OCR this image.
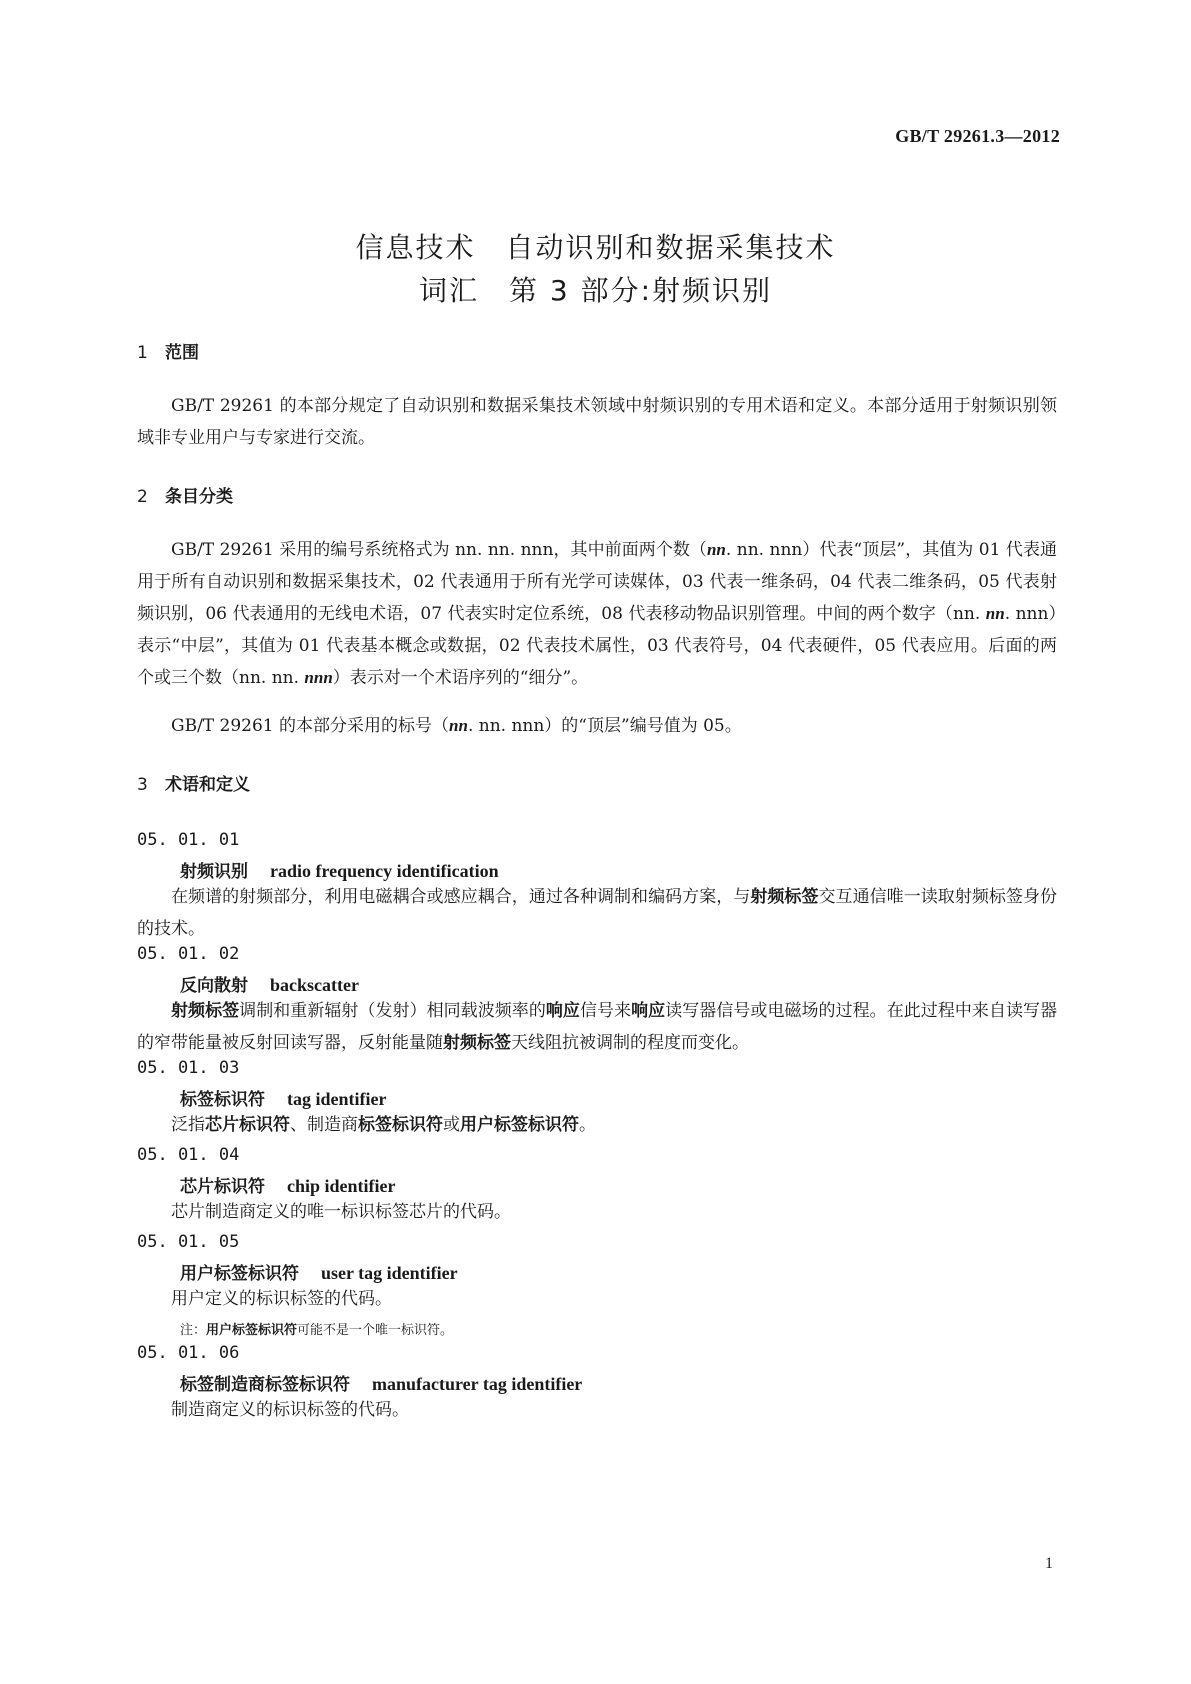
GB/T 29261.3—2012
信息技术　自动识别和数据采集技术
词汇　第 3 部分:射频识别
1 范围

GB/T 29261 的本部分规定了自动识别和数据采集技术领域中射频识别的专用术语和定义。本部分适用于射频识别领域非专业用户与专家进行交流。

2 条目分类

GB/T 29261 采用的编号系统格式为 nn. nn. nnn，其中前面两个数（nn. nn. nnn）代表“顶层”，其值为 01 代表通用于所有自动识别和数据采集技术，02 代表通用于所有光学可读媒体，03 代表一维条码，04 代表二维条码，05 代表射频识别，06 代表通用的无线电术语，07 代表实时定位系统，08 代表移动物品识别管理。中间的两个数字（nn. nn. nnn）表示“中层”，其值为 01 代表基本概念或数据，02 代表技术属性，03 代表符号，04 代表硬件，05 代表应用。后面的两个或三个数（nn. nn. nnn）表示对一个术语序列的“细分”。

GB/T 29261 的本部分采用的标号（nn. nn. nnn）的“顶层”编号值为 05。

3 术语和定义
05. 01. 01
射频识别 radio frequency identification

在频谱的射频部分，利用电磁耦合或感应耦合，通过各种调制和编码方案，与射频标签交互通信唯一读取射频标签身份的技术。

05. 01. 02
反向散射 backscatter

射频标签调制和重新辐射（发射）相同载波频率的响应信号来响应读写器信号或电磁场的过程。在此过程中来自读写器的窄带能量被反射回读写器，反射能量随射频标签天线阻抗被调制的程度而变化。

05. 01. 03
标签标识符 tag identifier

泛指芯片标识符、制造商标签标识符或用户标签标识符。

05. 01. 04
芯片标识符 chip identifier

芯片制造商定义的唯一标识标签芯片的代码。

05. 01. 05
用户标签标识符 user tag identifier

用户定义的标识标签的代码。

注：用户标签标识符可能不是一个唯一标识符。
05. 01. 06
标签制造商标签标识符 manufacturer tag identifier

制造商定义的标识标签的代码。

1
